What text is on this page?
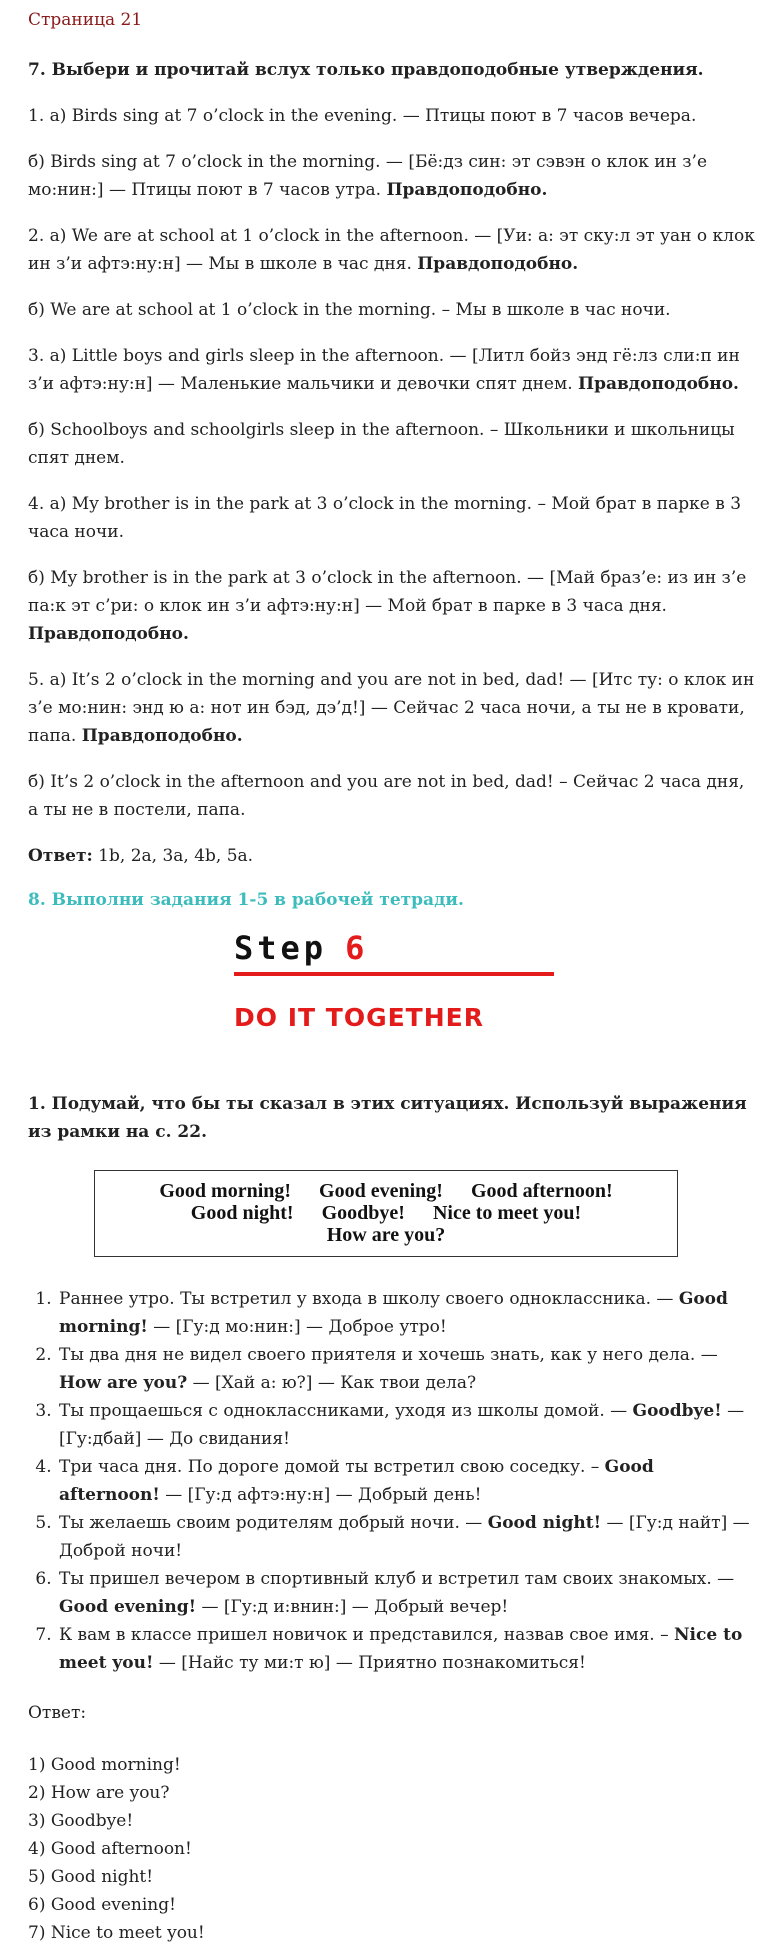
Страница 21

7. Выбери и прочитай вслух только правдоподобные утверждения.

1. а) Birds sing at 7 o’clock in the evening. — Птицы поют в 7 часов вечера.

б) Birds sing at 7 o’clock in the morning. — [Бё:дз син: эт сэвэн о клок ин з’е мо:нин:] — Птицы поют в 7 часов утра. Правдоподобно.

2. а) We are at school at 1 o’clock in the afternoon. — [Уи: а: эт ску:л эт уан о клок ин з’и афтэ:ну:н] — Мы в школе в час дня. Правдоподобно.

б) We are at school at 1 o’clock in the morning. – Мы в школе в час ночи.

3. а) Little boys and girls sleep in the afternoon. — [Литл бойз энд гё:лз сли:п ин з’и афтэ:ну:н] — Маленькие мальчики и девочки спят днем. Правдоподобно.

б) Schoolboys and schoolgirls sleep in the afternoon. – Школьники и школьницы спят днем.

4. а) My brother is in the park at 3 o’clock in the morning. – Мой брат в парке в 3 часа ночи.

б) My brother is in the park at 3 o’clock in the afternoon. — [Май браз’е: из ин з’е па:к эт с’ри: о клок ин з’и афтэ:ну:н] — Мой брат в парке в 3 часа дня. Правдоподобно.

5. а) It’s 2 o’clock in the morning and you are not in bed, dad! — [Итс ту: о клок ин з’е мо:нин: энд ю а: нот ин бэд, дэ’д!] — Сейчас 2 часа ночи, а ты не в кровати, папа. Правдоподобно.

б) It’s 2 o’clock in the afternoon and you are not in bed, dad! – Сейчас 2 часа дня, а ты не в постели, папа.

Ответ: 1b, 2a, 3a, 4b, 5a.

8. Выполни задания 1-5 в рабочей тетради.

Step 6
DO IT TOGETHER

1. Подумай, что бы ты сказал в этих ситуациях. Используй выражения из рамки на с. 22.

Good morning! Good evening! Good afternoon!
Good night! Goodbye! Nice to meet you!
How are you?
1. Раннее утро. Ты встретил у входа в школу своего одноклассника. — Good morning! — [Гу:д мо:нин:] — Доброе утро!
2. Ты два дня не видел своего приятеля и хочешь знать, как у него дела. — How are you? — [Хай а: ю?] — Как твои дела?
3. Ты прощаешься с одноклассниками, уходя из школы домой. — Goodbye! — [Гу:дбай] — До свидания!
4. Три часа дня. По дороге домой ты встретил свою соседку. – Good afternoon! — [Гу:д афтэ:ну:н] — Добрый день!
5. Ты желаешь своим родителям добрый ночи. — Good night! — [Гу:д найт] — Доброй ночи!
6. Ты пришел вечером в спортивный клуб и встретил там своих знакомых. — Good evening! — [Гу:д и:внин:] — Добрый вечер!
7. К вам в классе пришел новичок и представился, назвав свое имя. – Nice to meet you! — [Найс ту ми:т ю] — Приятно познакомиться!

Ответ:

1) Good morning!
2) How are you?
3) Goodbye!
4) Good afternoon!
5) Good night!
6) Good evening!
7) Nice to meet you!
